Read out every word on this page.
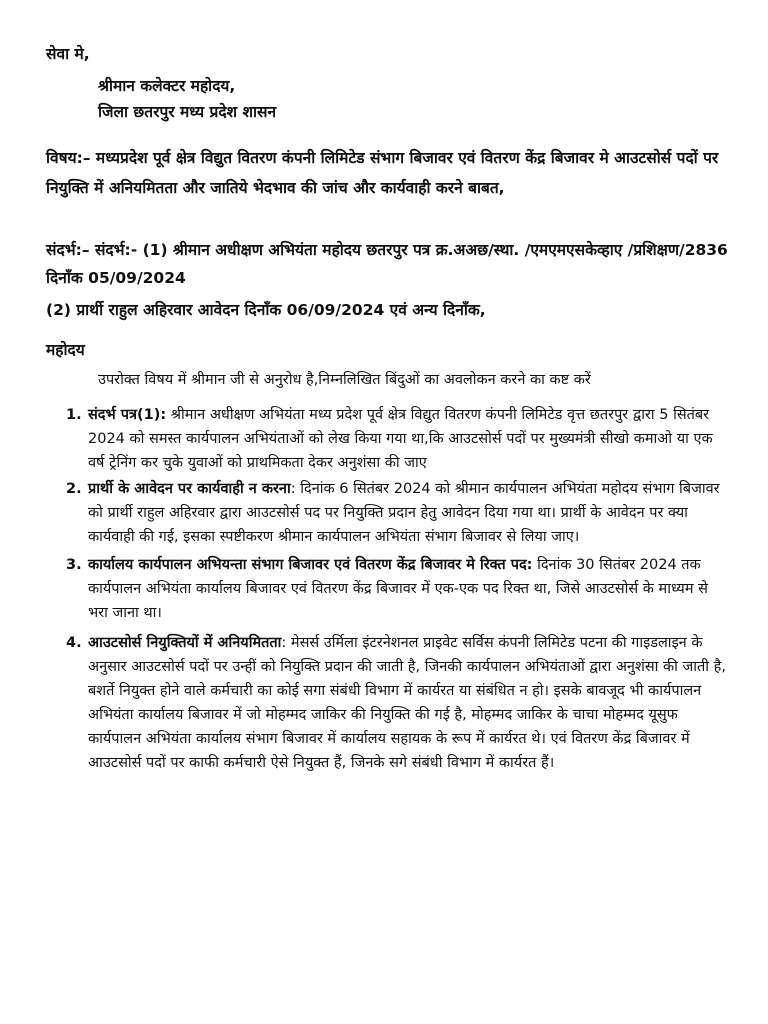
सेवा मे,

श्रीमान कलेक्टर महोदय,

जिला छतरपुर मध्य प्रदेश शासन

विषय:– मध्यप्रदेश पूर्व क्षेत्र विद्युत वितरण कंपनी लिमिटेड संभाग बिजावर एवं वितरण केंद्र बिजावर मे आउटसोर्स पदों पर नियुक्ति में अनियमितता और जातिये भेदभाव की जांच और कार्यवाही करने बाबत,

संदर्भ:– संदर्भ:- (1) श्रीमान अधीक्षण अभियंता महोदय छतरपुर पत्र क्र.अअछ/स्था. /एमएमएसकेव्हाए /प्रशिक्षण/2836 दिनाँक 05/09/2024

(2) प्रार्थी राहुल अहिरवार आवेदन दिनाँक 06/09/2024 एवं अन्य दिनाँक,

महोदय

उपरोक्त विषय में श्रीमान जी से अनुरोध है,निम्नलिखित बिंदुओं का अवलोकन करने का कष्ट करें

1. संदर्भ पत्र(1): श्रीमान अधीक्षण अभियंता मध्य प्रदेश पूर्व क्षेत्र विद्युत वितरण कंपनी लिमिटेड वृत्त छतरपुर द्वारा 5 सितंबर 2024 को समस्त कार्यपालन अभियंताओं को लेख किया गया था,कि आउटसोर्स पदों पर मुख्यमंत्री सीखो कमाओ या एक वर्ष ट्रेनिंग कर चुके युवाओं को प्राथमिकता देकर अनुशंसा की जाए
2. प्रार्थी के आवेदन पर कार्यवाही न करना: दिनांक 6 सितंबर 2024 को श्रीमान कार्यपालन अभियंता महोदय संभाग बिजावर को प्रार्थी राहुल अहिरवार द्वारा आउटसोर्स पद पर नियुक्ति प्रदान हेतु आवेदन दिया गया था। प्रार्थी के आवेदन पर क्या कार्यवाही की गई, इसका स्पष्टीकरण श्रीमान कार्यपालन अभियंता संभाग बिजावर से लिया जाए।
3. कार्यालय कार्यपालन अभियन्ता संभाग बिजावर एवं वितरण केंद्र बिजावर मे रिक्त पद: दिनांक 30 सितंबर 2024 तक कार्यपालन अभियंता कार्यालय बिजावर एवं वितरण केंद्र बिजावर में एक-एक पद रिक्त था, जिसे आउटसोर्स के माध्यम से भरा जाना था।
4. आउटसोर्स नियुक्तियों में अनियमितता: मेसर्स उर्मिला इंटरनेशनल प्राइवेट सर्विस कंपनी लिमिटेड पटना की गाइडलाइन के अनुसार आउटसोर्स पदों पर उन्हीं को नियुक्ति प्रदान की जाती है, जिनकी कार्यपालन अभियंताओं द्वारा अनुशंसा की जाती है, बशर्ते नियुक्त होने वाले कर्मचारी का कोई सगा संबंधी विभाग में कार्यरत या संबंधित न हो। इसके बावजूद भी कार्यपालन अभियंता कार्यालय बिजावर में जो मोहम्मद जाकिर की नियुक्ति की गई है, मोहम्मद जाकिर के चाचा मोहम्मद यूसुफ कार्यपालन अभियंता कार्यालय संभाग बिजावर में कार्यालय सहायक के रूप में कार्यरत थे। एवं वितरण केंद्र बिजावर में आउटसोर्स पदों पर काफी कर्मचारी ऐसे नियुक्त हैं, जिनके सगे संबंधी विभाग में कार्यरत हैं।
